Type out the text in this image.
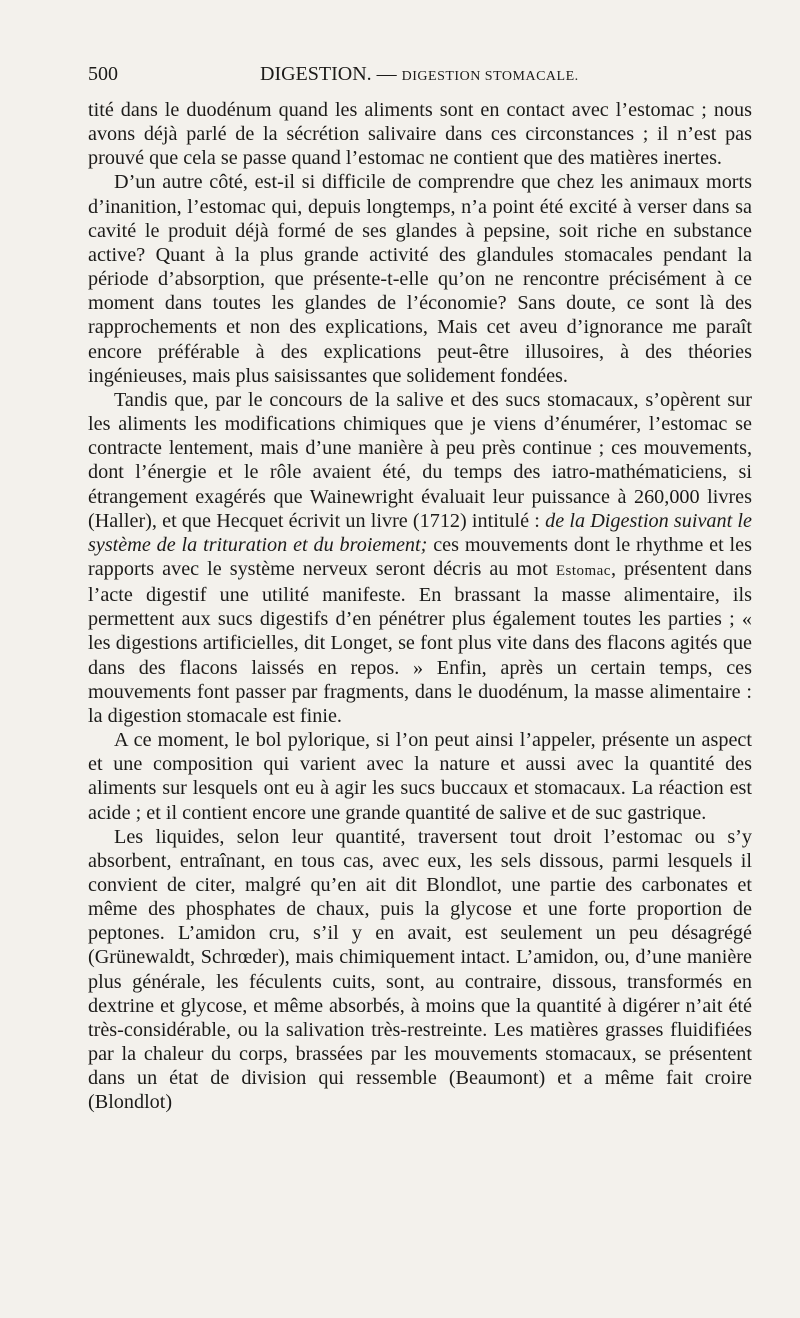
500	DIGESTION. — DIGESTION STOMACALE.

tité dans le duodénum quand les aliments sont en contact avec l’estomac ; nous avons déjà parlé de la sécrétion salivaire dans ces circonstances ; il n’est pas prouvé que cela se passe quand l’estomac ne contient que des matières inertes.

D’un autre côté, est-il si difficile de comprendre que chez les animaux morts d’inanition, l’estomac qui, depuis longtemps, n’a point été excité à verser dans sa cavité le produit déjà formé de ses glandes à pepsine, soit riche en substance active? Quant à la plus grande activité des glandules stomacales pendant la période d’absorption, que présente-t-elle qu’on ne rencontre précisément à ce moment dans toutes les glandes de l’économie? Sans doute, ce sont là des rapprochements et non des explications, Mais cet aveu d’ignorance me paraît encore préférable à des explications peut-être illusoires, à des théories ingénieuses, mais plus saisissantes que solidement fondées.

Tandis que, par le concours de la salive et des sucs stomacaux, s’opèrent sur les aliments les modifications chimiques que je viens d’énumérer, l’estomac se contracte lentement, mais d’une manière à peu près continue ; ces mouvements, dont l’énergie et le rôle avaient été, du temps des iatro-mathématiciens, si étrangement exagérés que Wainewright évaluait leur puissance à 260,000 livres (Haller), et que Hecquet écrivit un livre (1712) intitulé : de la Digestion suivant le système de la trituration et du broiement; ces mouvements dont le rhythme et les rapports avec le système nerveux seront décris au mot Estomac, présentent dans l’acte digestif une utilité manifeste. En brassant la masse alimentaire, ils permettent aux sucs digestifs d’en pénétrer plus également toutes les parties ; « les digestions artificielles, dit Longet, se font plus vite dans des flacons agités que dans des flacons laissés en repos. » Enfin, après un certain temps, ces mouvements font passer par fragments, dans le duodénum, la masse alimentaire : la digestion stomacale est finie.

A ce moment, le bol pylorique, si l’on peut ainsi l’appeler, présente un aspect et une composition qui varient avec la nature et aussi avec la quantité des aliments sur lesquels ont eu à agir les sucs buccaux et stomacaux. La réaction est acide ; et il contient encore une grande quantité de salive et de suc gastrique.

Les liquides, selon leur quantité, traversent tout droit l’estomac ou s’y absorbent, entraînant, en tous cas, avec eux, les sels dissous, parmi lesquels il convient de citer, malgré qu’en ait dit Blondlot, une partie des carbonates et même des phosphates de chaux, puis la glycose et une forte proportion de peptones. L’amidon cru, s’il y en avait, est seulement un peu désagrégé (Grünewaldt, Schrœder), mais chimiquement intact. L’amidon, ou, d’une manière plus générale, les féculents cuits, sont, au contraire, dissous, transformés en dextrine et glycose, et même absorbés, à moins que la quantité à digérer n’ait été très-considérable, ou la salivation très-restreinte. Les matières grasses fluidifiées par la chaleur du corps, brassées par les mouvements stomacaux, se présentent dans un état de division qui ressemble (Beaumont) et a même fait croire (Blondlot)
